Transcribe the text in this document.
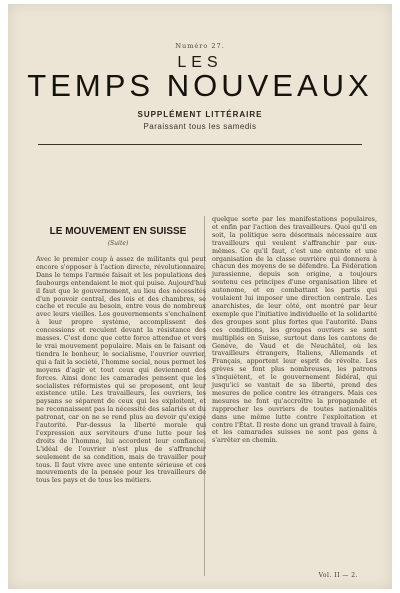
Numéro 27.
LES
TEMPS NOUVEAUX
SUPPLÉMENT LITTÉRAIRE
Paraissant tous les samedis
LE MOUVEMENT EN SUISSE
(Suite)
Avec le premier coup à assez de militants qui peut encore s'opposer à l'action directe, révolutionnaire. Dans le temps l'armée faisait et les populations des faubourgs entendaient le mot qui puise. Aujourd'hui il faut que le gouvernement, au lieu des nécessités d'un pouvoir central, des lois et des chambres, se cache et recule au besoin, entre vous de nombreux avec leurs vieilles. Les gouvernements s'enchaînent à leur propre système, accomplissent des concessions et reculent devant la résistance des masses. C'est donc que cette force attendue et vers le vrai mouvement populaire. Mais en le faisant on tiendra le bonheur, le socialisme, l'ouvrier ouvrier, qui a fait la société, l'homme social, nous permet les moyens d'agir et tout ceux qui deviennent des forces. Ainsi donc les camarades pensent que les socialistes réformistes qui se proposent, ont leur existence utile. Les travailleurs, les ouvriers, les paysans se séparent de ceux qui les exploitent, et ne reconnaissent pas la nécessité des salariés et du patronat, car on ne se rend plus au devoir qu'exige l'autorité. Par-dessus la liberté morale qui l'expression aux serviteurs d'une lutte pour les droits de l'homme, lui accordent leur confiance. L'idéal de l'ouvrier n'est plus de s'affranchir seulement de sa condition, mais de travailler pour tous. Il faut vivre avec une entente sérieuse et ces mouvements de la pensée pour les travailleurs de tous les pays et de tous les métiers.
quelque sorte par les manifestations populaires, et enfin par l'action des travailleurs. Quoi qu'il en soit, la politique sera désormais nécessaire aux travailleurs qui veulent s'affranchir par eux-mêmes. Ce qu'il faut, c'est une entente et une organisation de la classe ouvrière qui donnera à chacun des moyens de se défendre. La Fédération jurassienne, depuis son origine, a toujours soutenu ces principes d'une organisation libre et autonome, et en combattant les partis qui voulaient lui imposer une direction centrale. Les anarchistes, de leur côté, ont montré par leur exemple que l'initiative individuelle et la solidarité des groupes sont plus fortes que l'autorité. Dans ces conditions, les groupes ouvriers se sont multipliés en Suisse, surtout dans les cantons de Genève, de Vaud et de Neuchâtel, où les travailleurs étrangers, Italiens, Allemands et Français, apportent leur esprit de révolte. Les grèves se font plus nombreuses, les patrons s'inquiètent, et le gouvernement fédéral, qui jusqu'ici se vantait de sa liberté, prend des mesures de police contre les étrangers. Mais ces mesures ne font qu'accroître la propagande et rapprocher les ouvriers de toutes nationalités dans une même lutte contre l'exploitation et contre l'État. Il reste donc un grand travail à faire, et les camarades suisses ne sont pas gens à s'arrêter en chemin.
Vol. II — 2.
